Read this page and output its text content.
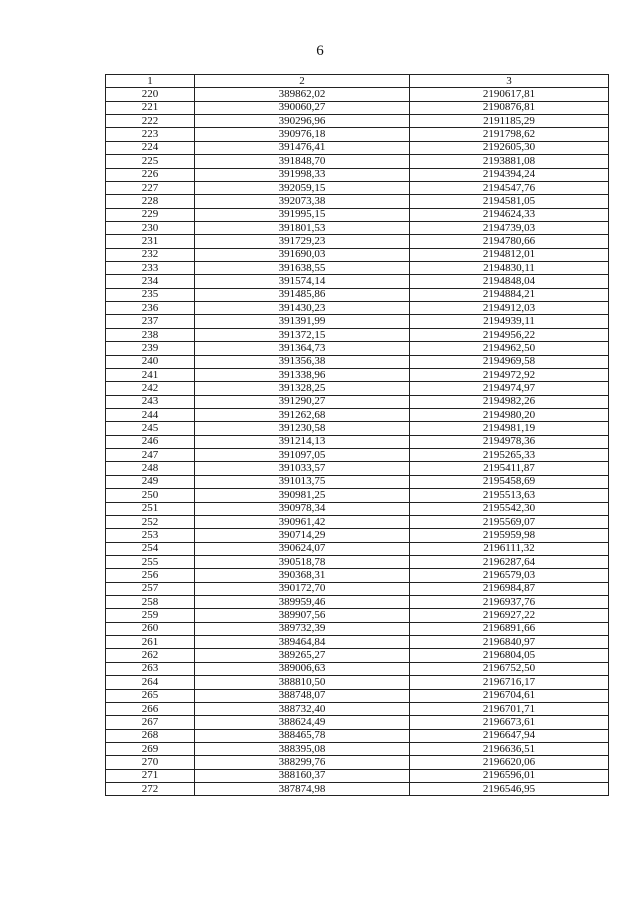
6
1	2	3
220	389862,02	2190617,81
221	390060,27	2190876,81
222	390296,96	2191185,29
223	390976,18	2191798,62
224	391476,41	2192605,30
225	391848,70	2193881,08
226	391998,33	2194394,24
227	392059,15	2194547,76
228	392073,38	2194581,05
229	391995,15	2194624,33
230	391801,53	2194739,03
231	391729,23	2194780,66
232	391690,03	2194812,01
233	391638,55	2194830,11
234	391574,14	2194848,04
235	391485,86	2194884,21
236	391430,23	2194912,03
237	391391,99	2194939,11
238	391372,15	2194956,22
239	391364,73	2194962,50
240	391356,38	2194969,58
241	391338,96	2194972,92
242	391328,25	2194974,97
243	391290,27	2194982,26
244	391262,68	2194980,20
245	391230,58	2194981,19
246	391214,13	2194978,36
247	391097,05	2195265,33
248	391033,57	2195411,87
249	391013,75	2195458,69
250	390981,25	2195513,63
251	390978,34	2195542,30
252	390961,42	2195569,07
253	390714,29	2195959,98
254	390624,07	2196111,32
255	390518,78	2196287,64
256	390368,31	2196579,03
257	390172,70	2196984,87
258	389959,46	2196937,76
259	389907,56	2196927,22
260	389732,39	2196891,66
261	389464,84	2196840,97
262	389265,27	2196804,05
263	389006,63	2196752,50
264	388810,50	2196716,17
265	388748,07	2196704,61
266	388732,40	2196701,71
267	388624,49	2196673,61
268	388465,78	2196647,94
269	388395,08	2196636,51
270	388299,76	2196620,06
271	388160,37	2196596,01
272	387874,98	2196546,95
